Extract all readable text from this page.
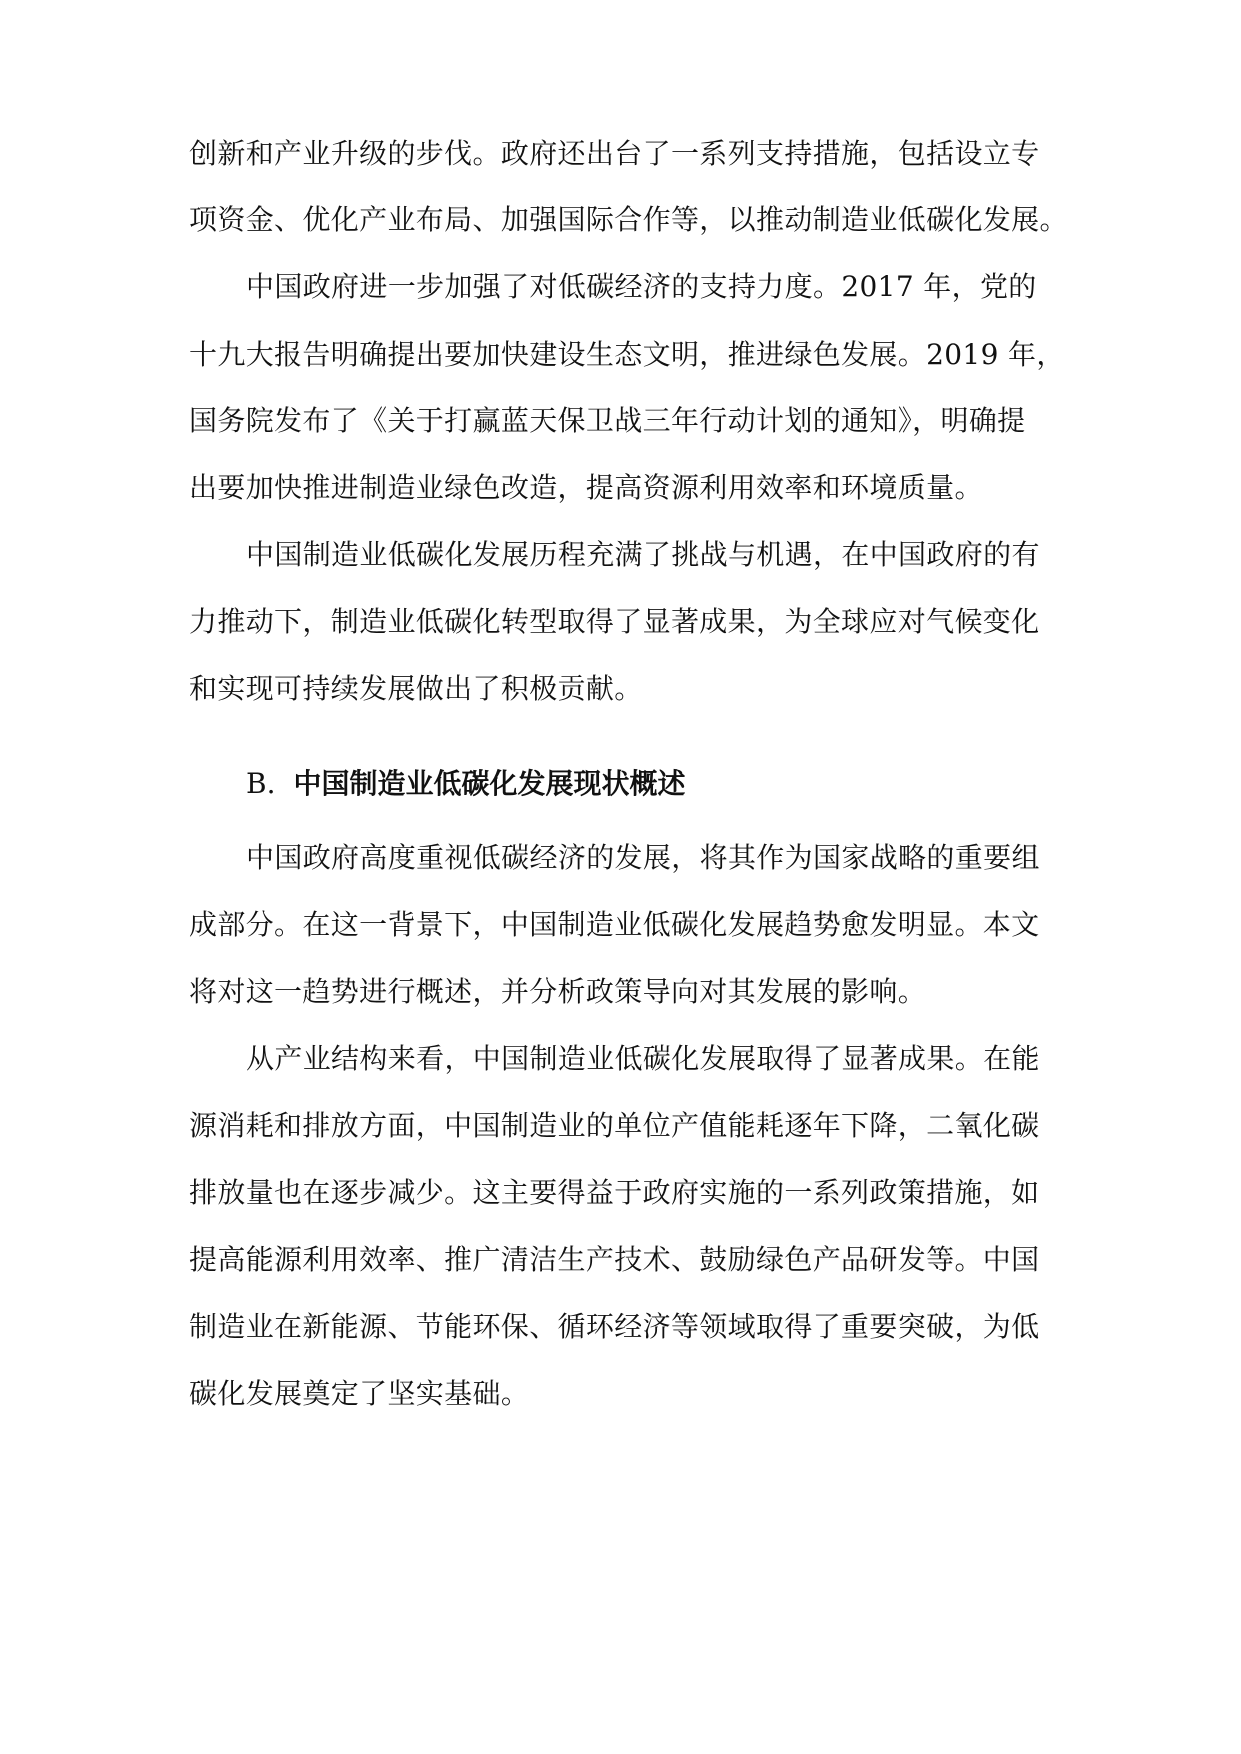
创新和产业升级的步伐。政府还出台了一系列支持措施，包括设立专
项资金、优化产业布局、加强国际合作等，以推动制造业低碳化发展。
中国政府进一步加强了对低碳经济的支持力度。2017 年，党的
十九大报告明确提出要加快建设生态文明，推进绿色发展。2019 年，
国务院发布了《关于打赢蓝天保卫战三年行动计划的通知》，明确提
出要加快推进制造业绿色改造，提高资源利用效率和环境质量。
中国制造业低碳化发展历程充满了挑战与机遇，在中国政府的有
力推动下，制造业低碳化转型取得了显著成果，为全球应对气候变化
和实现可持续发展做出了积极贡献。
B. 中国制造业低碳化发展现状概述
中国政府高度重视低碳经济的发展，将其作为国家战略的重要组
成部分。在这一背景下，中国制造业低碳化发展趋势愈发明显。本文
将对这一趋势进行概述，并分析政策导向对其发展的影响。
从产业结构来看，中国制造业低碳化发展取得了显著成果。在能
源消耗和排放方面，中国制造业的单位产值能耗逐年下降，二氧化碳
排放量也在逐步减少。这主要得益于政府实施的一系列政策措施，如
提高能源利用效率、推广清洁生产技术、鼓励绿色产品研发等。中国
制造业在新能源、节能环保、循环经济等领域取得了重要突破，为低
碳化发展奠定了坚实基础。
